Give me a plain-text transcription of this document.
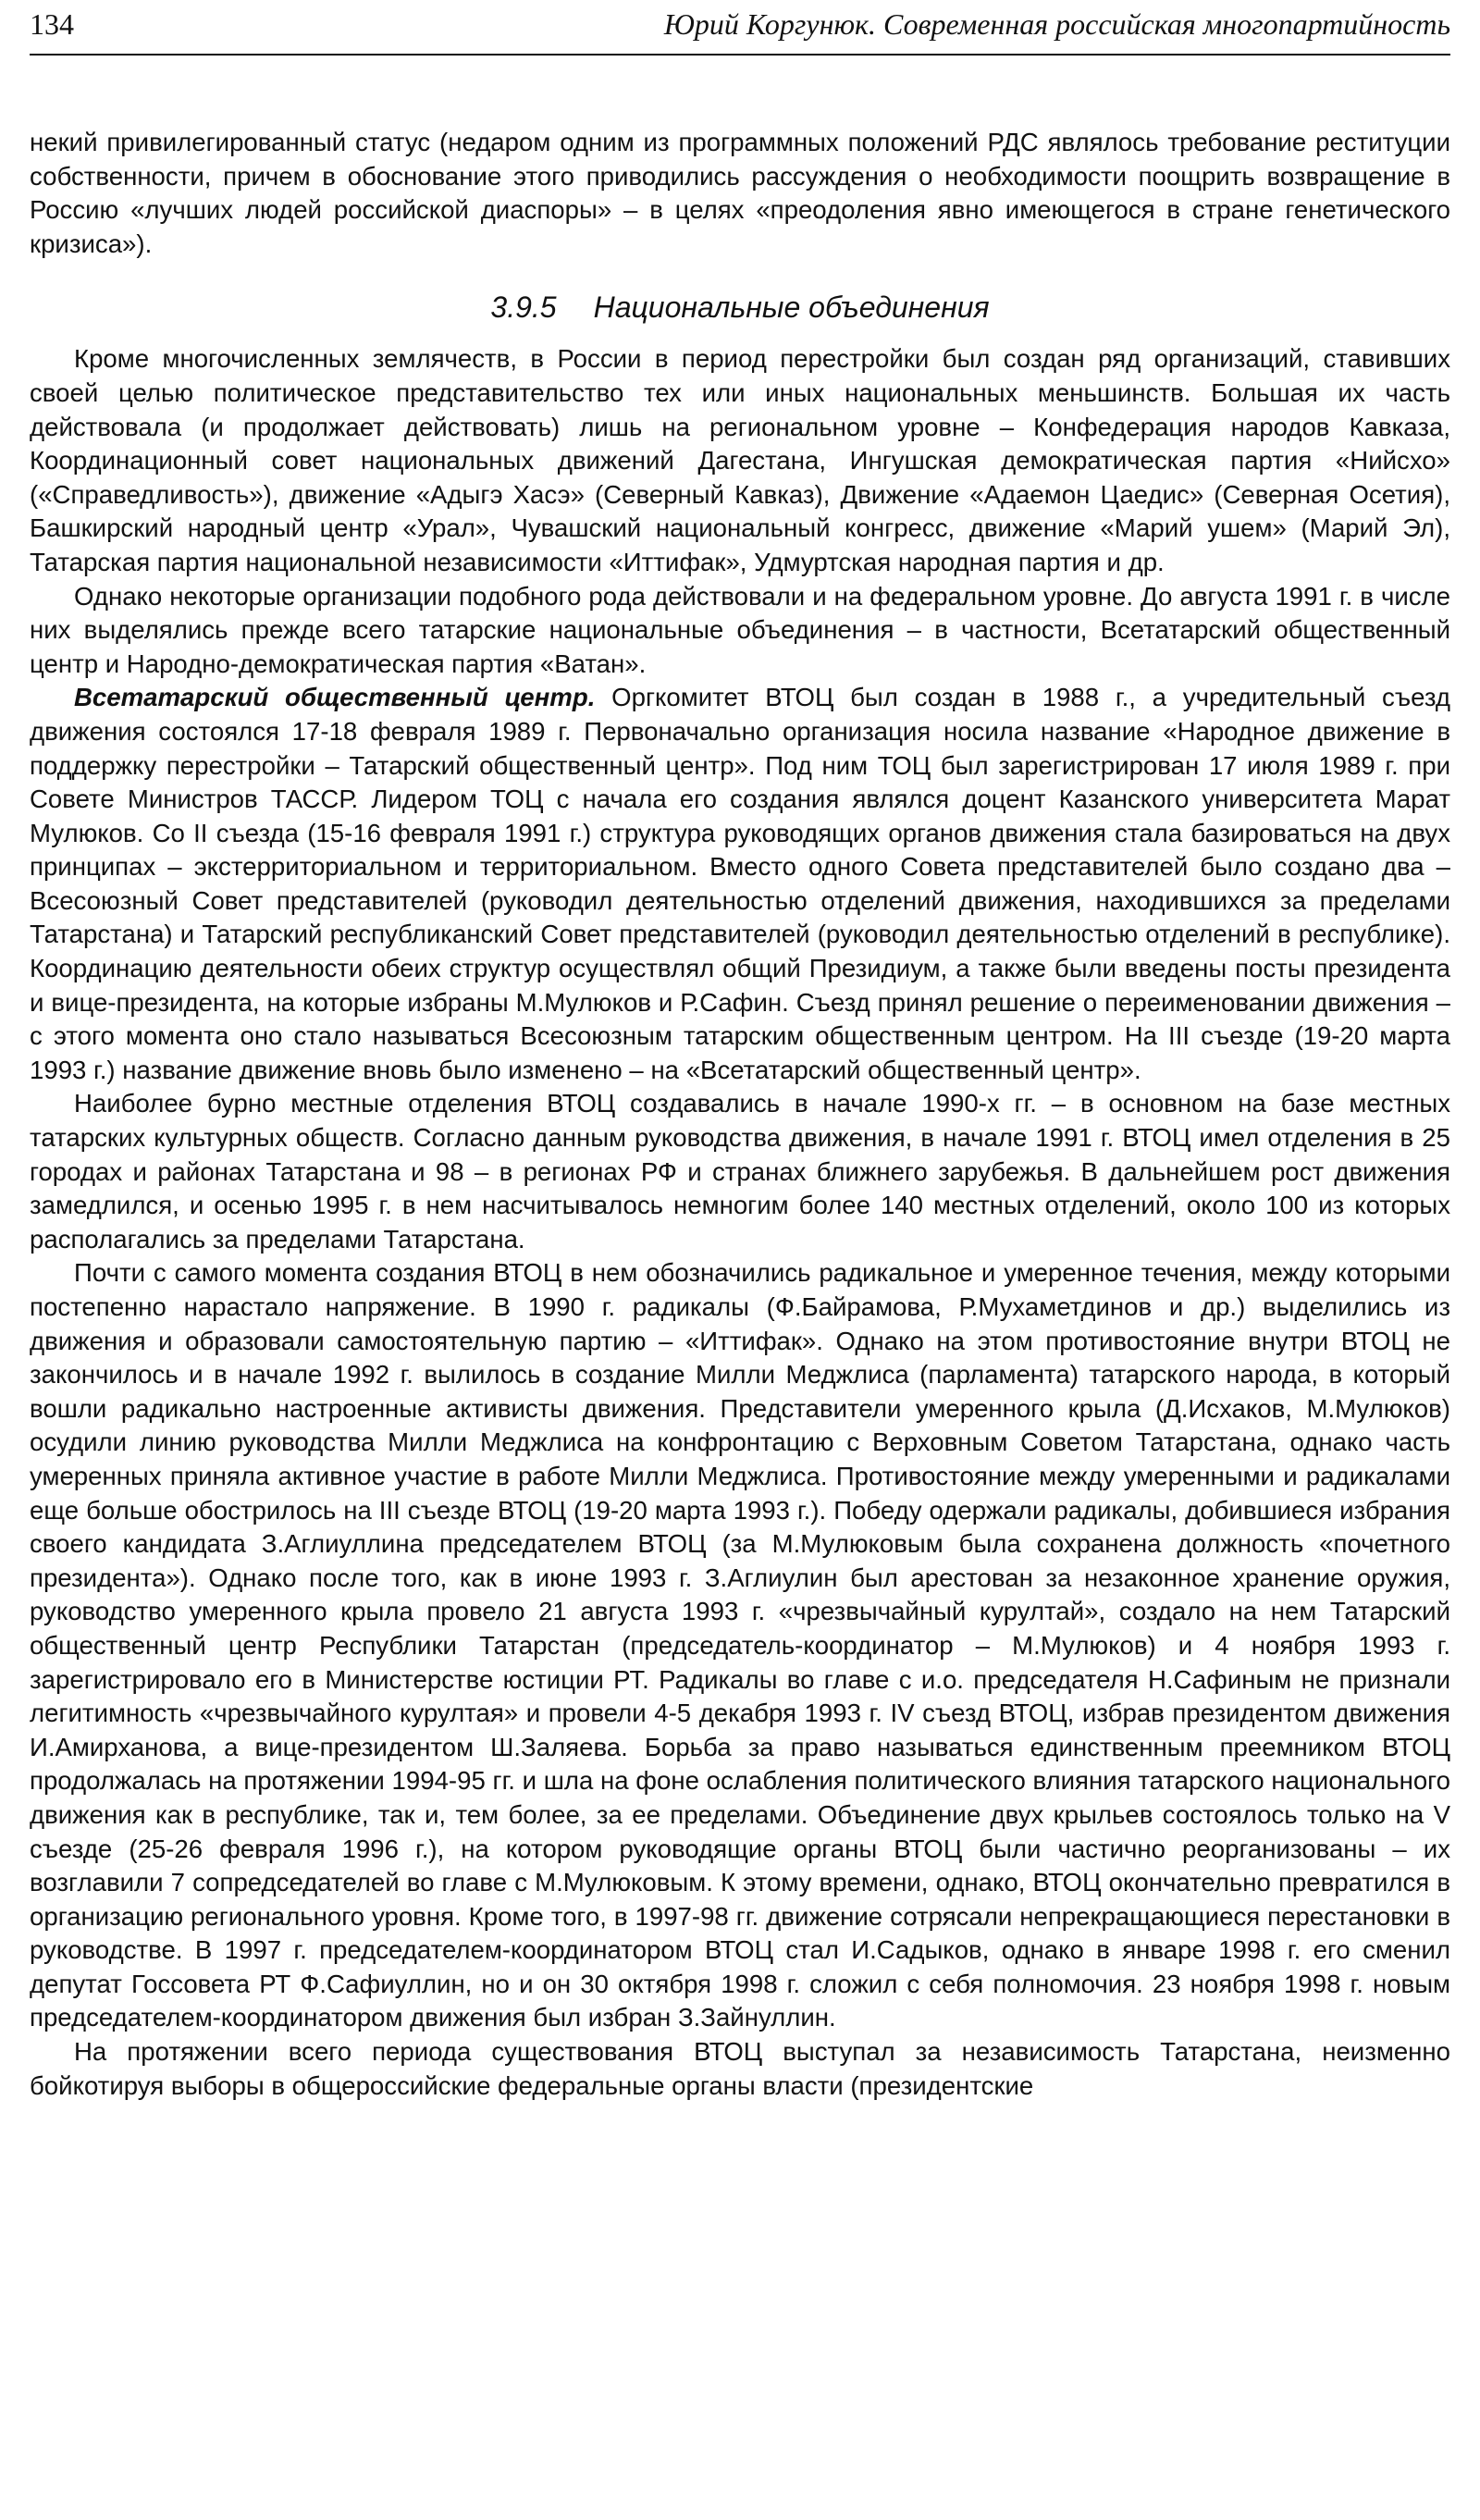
134	Юрий Коргунюк. Современная российская многопартийность

некий привилегированный статус (недаром одним из программных положений РДС являлось требование реституции собственности, причем в обоснование этого приводились рассуждения о необходимости поощрить возвращение в Россию «лучших людей российской диаспоры» – в целях «преодоления явно имеющегося в стране генетического кризиса»).

3.9.5 Национальные объединения

Кроме многочисленных землячеств, в России в период перестройки был создан ряд организаций, ставивших своей целью политическое представительство тех или иных национальных меньшинств. Большая их часть действовала (и продолжает действовать) лишь на региональном уровне – Конфедерация народов Кавказа, Координационный совет национальных движений Дагестана, Ингушская демократическая партия «Нийсхо» («Справедливость»), движение «Адыгэ Хасэ» (Северный Кавказ), Движение «Адаемон Цаедис» (Северная Осетия), Башкирский народный центр «Урал», Чувашский национальный конгресс, движение «Марий ушем» (Марий Эл), Татарская партия национальной независимости «Иттифак», Удмуртская народная партия и др.

Однако некоторые организации подобного рода действовали и на федеральном уровне. До августа 1991 г. в числе них выделялись прежде всего татарские национальные объединения – в частности, Всетатарский общественный центр и Народно-демократическая партия «Ватан».

Всетатарский общественный центр. Оргкомитет ВТОЦ был создан в 1988 г., а учредительный съезд движения состоялся 17-18 февраля 1989 г. Первоначально организация носила название «Народное движение в поддержку перестройки – Татарский общественный центр». Под ним ТОЦ был зарегистрирован 17 июля 1989 г. при Совете Министров ТАССР. Лидером ТОЦ с начала его создания являлся доцент Казанского университета Марат Мулюков. Со II съезда (15-16 февраля 1991 г.) структура руководящих органов движения стала базироваться на двух принципах – экстерриториальном и территориальном. Вместо одного Совета представителей было создано два – Всесоюзный Совет представителей (руководил деятельностью отделений движения, находившихся за пределами Татарстана) и Татарский республиканский Совет представителей (руководил деятельностью отделений в республике). Координацию деятельности обеих структур осуществлял общий Президиум, а также были введены посты президента и вице-президента, на которые избраны М.Мулюков и Р.Сафин. Съезд принял решение о переименовании движения – с этого момента оно стало называться Всесоюзным татарским общественным центром. На III съезде (19-20 марта 1993 г.) название движение вновь было изменено – на «Всетатарский общественный центр».

Наиболее бурно местные отделения ВТОЦ создавались в начале 1990-х гг. – в основном на базе местных татарских культурных обществ. Согласно данным руководства движения, в начале 1991 г. ВТОЦ имел отделения в 25 городах и районах Татарстана и 98 – в регионах РФ и странах ближнего зарубежья. В дальнейшем рост движения замедлился, и осенью 1995 г. в нем насчитывалось немногим более 140 местных отделений, около 100 из которых располагались за пределами Татарстана.

Почти с самого момента создания ВТОЦ в нем обозначились радикальное и умеренное течения, между которыми постепенно нарастало напряжение. В 1990 г. радикалы (Ф.Байрамова, Р.Мухаметдинов и др.) выделились из движения и образовали самостоятельную партию – «Иттифак». Однако на этом противостояние внутри ВТОЦ не закончилось и в начале 1992 г. вылилось в создание Милли Меджлиса (парламента) татарского народа, в который вошли радикально настроенные активисты движения. Представители умеренного крыла (Д.Исхаков, М.Мулюков) осудили линию руководства Милли Меджлиса на конфронтацию с Верховным Советом Татарстана, однако часть умеренных приняла активное участие в работе Милли Меджлиса. Противостояние между умеренными и радикалами еще больше обострилось на III съезде ВТОЦ (19-20 марта 1993 г.). Победу одержали радикалы, добившиеся избрания своего кандидата З.Аглиуллина председателем ВТОЦ (за М.Мулюковым была сохранена должность «почетного президента»). Однако после того, как в июне 1993 г. З.Аглиулин был арестован за незаконное хранение оружия, руководство умеренного крыла провело 21 августа 1993 г. «чрезвычайный курултай», создало на нем Татарский общественный центр Республики Татарстан (председатель-координатор – М.Мулюков) и 4 ноября 1993 г. зарегистрировало его в Министерстве юстиции РТ. Радикалы во главе с и.о. председателя Н.Сафиным не признали легитимность «чрезвычайного курултая» и провели 4-5 декабря 1993 г. IV съезд ВТОЦ, избрав президентом движения И.Амирханова, а вице-президентом Ш.Заляева. Борьба за право называться единственным преемником ВТОЦ продолжалась на протяжении 1994-95 гг. и шла на фоне ослабления политического влияния татарского национального движения как в республике, так и, тем более, за ее пределами. Объединение двух крыльев состоялось только на V съезде (25-26 февраля 1996 г.), на котором руководящие органы ВТОЦ были частично реорганизованы – их возглавили 7 сопредседателей во главе с М.Мулюковым. К этому времени, однако, ВТОЦ окончательно превратился в организацию регионального уровня. Кроме того, в 1997-98 гг. движение сотрясали непрекращающиеся перестановки в руководстве. В 1997 г. председателем-координатором ВТОЦ стал И.Садыков, однако в январе 1998 г. его сменил депутат Госсовета РТ Ф.Сафиуллин, но и он 30 октября 1998 г. сложил с себя полномочия. 23 ноября 1998 г. новым председателем-координатором движения был избран З.Зайнуллин.

На протяжении всего периода существования ВТОЦ выступал за независимость Татарстана, неизменно бойкотируя выборы в общероссийские федеральные органы власти (президентские
